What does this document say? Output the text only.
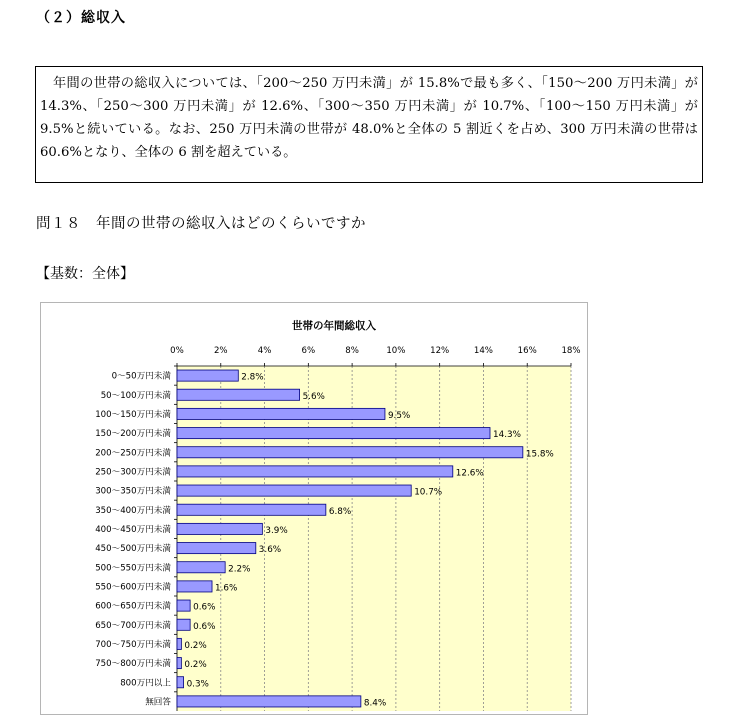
（２）総収入

年間の世帯の総収入については、「200〜250 万円未満」が 15.8%で最も多く、「150〜200 万円未満」が 14.3%、「250〜300 万円未満」が 12.6%、「300〜350 万円未満」が 10.7%、「100〜150 万円未満」が 9.5%と続いている。なお、250 万円未満の世帯が 48.0%と全体の 5 割近くを占め、300 万円未満の世帯は 60.6%となり、全体の 6 割を超えている。

問１８　年間の世帯の総収入はどのくらいですか
【基数：全体】
世帯の年間総収入
0%	2%	4%	6%	8%	10%	12%	14%	16%	18%
0〜50万円未満	2.8%
50〜100万円未満	5.6%
100〜150万円未満	9.5%
150〜200万円未満	14.3%
200〜250万円未満	15.8%
250〜300万円未満	12.6%
300〜350万円未満	10.7%
350〜400万円未満	6.8%
400〜450万円未満	3.9%
450〜500万円未満	3.6%
500〜550万円未満	2.2%
550〜600万円未満	1.6%
600〜650万円未満	0.6%
650〜700万円未満	0.6%
700〜750万円未満 0.2%
750〜800万円未満 0.2%
800万円以上 0.3%
無回答	8.4%
